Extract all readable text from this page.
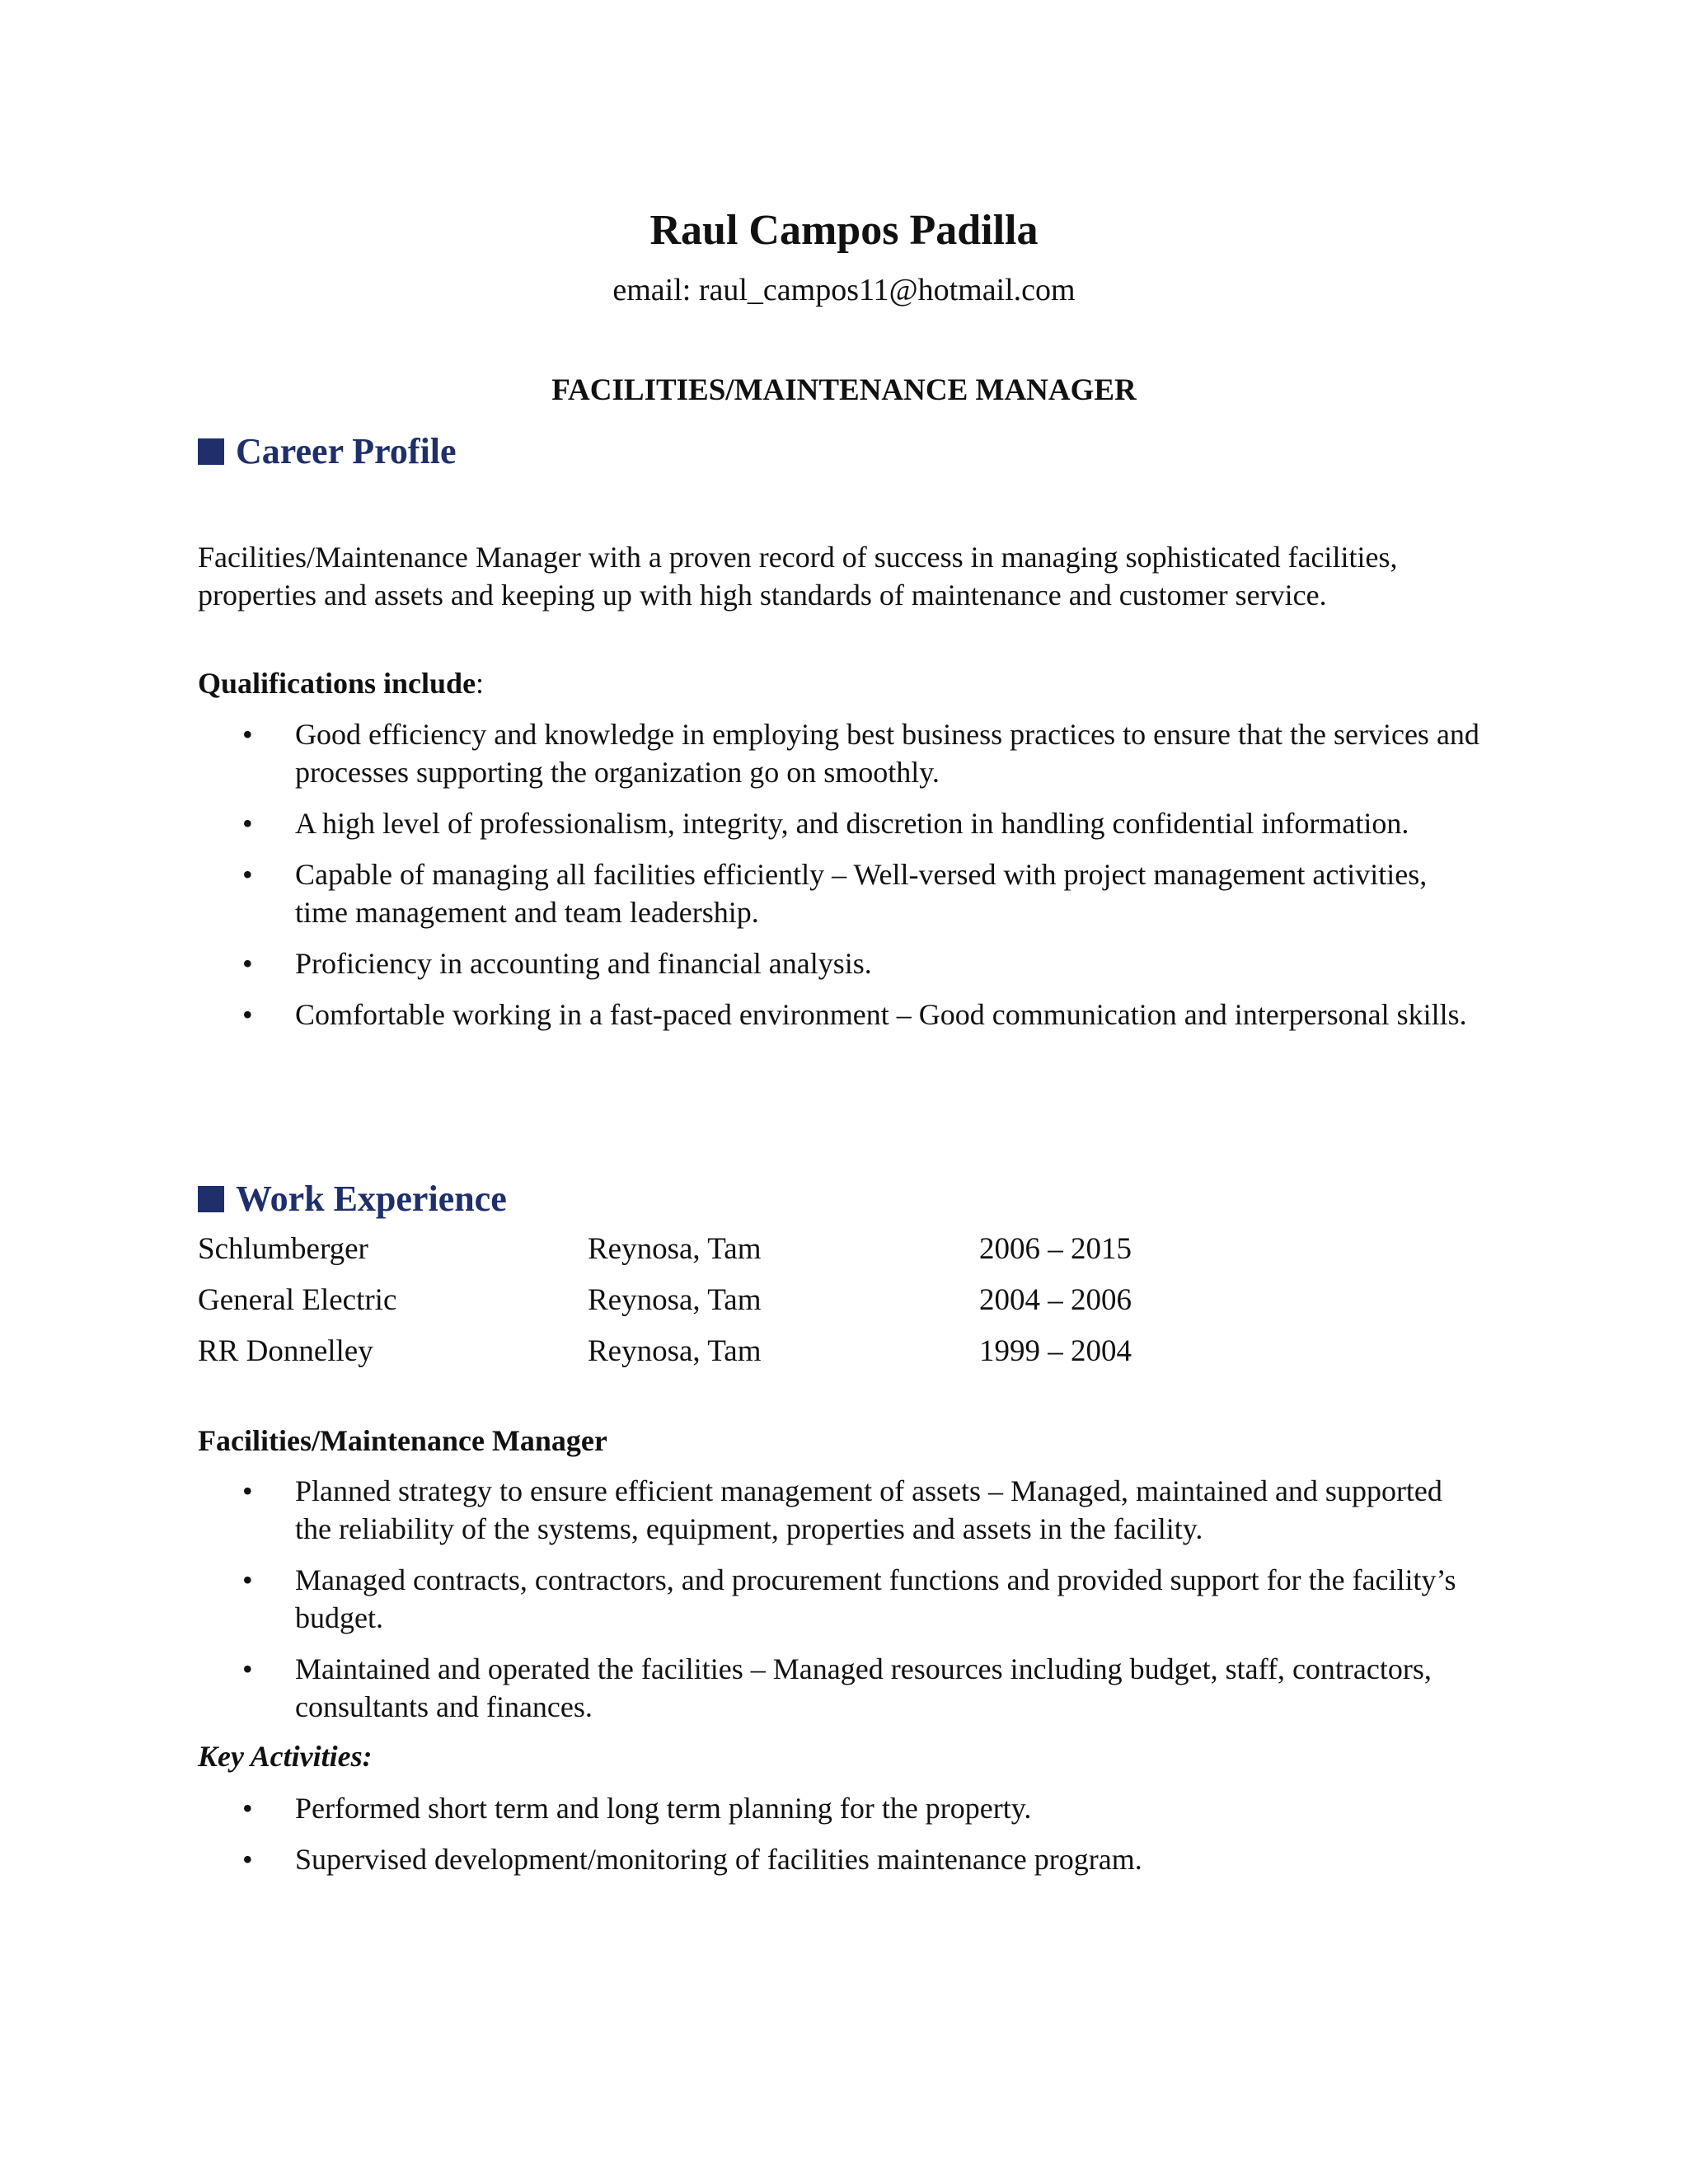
Raul Campos Padilla
email: raul_campos11@hotmail.com
FACILITIES/MAINTENANCE MANAGER
Career Profile
Facilities/Maintenance Manager with a proven record of success in managing sophisticated facilities, properties and assets and keeping up with high standards of maintenance and customer service.
Qualifications include:
• Good efficiency and knowledge in employing best business practices to ensure that the services and processes supporting the organization go on smoothly.
• A high level of professionalism, integrity, and discretion in handling confidential information.
• Capable of managing all facilities efficiently – Well-versed with project management activities, time management and team leadership.
• Proficiency in accounting and financial analysis.
• Comfortable working in a fast-paced environment – Good communication and interpersonal skills.
Work Experience
Schlumberger	Reynosa, Tam	2006 – 2015
General Electric	Reynosa, Tam	2004 – 2006
RR Donnelley	Reynosa, Tam	1999 – 2004
Facilities/Maintenance Manager
• Planned strategy to ensure efficient management of assets – Managed, maintained and supported the reliability of the systems, equipment, properties and assets in the facility.
• Managed contracts, contractors, and procurement functions and provided support for the facility’s budget.
• Maintained and operated the facilities – Managed resources including budget, staff, contractors, consultants and finances.
Key Activities:
• Performed short term and long term planning for the property.
• Supervised development/monitoring of facilities maintenance program.
